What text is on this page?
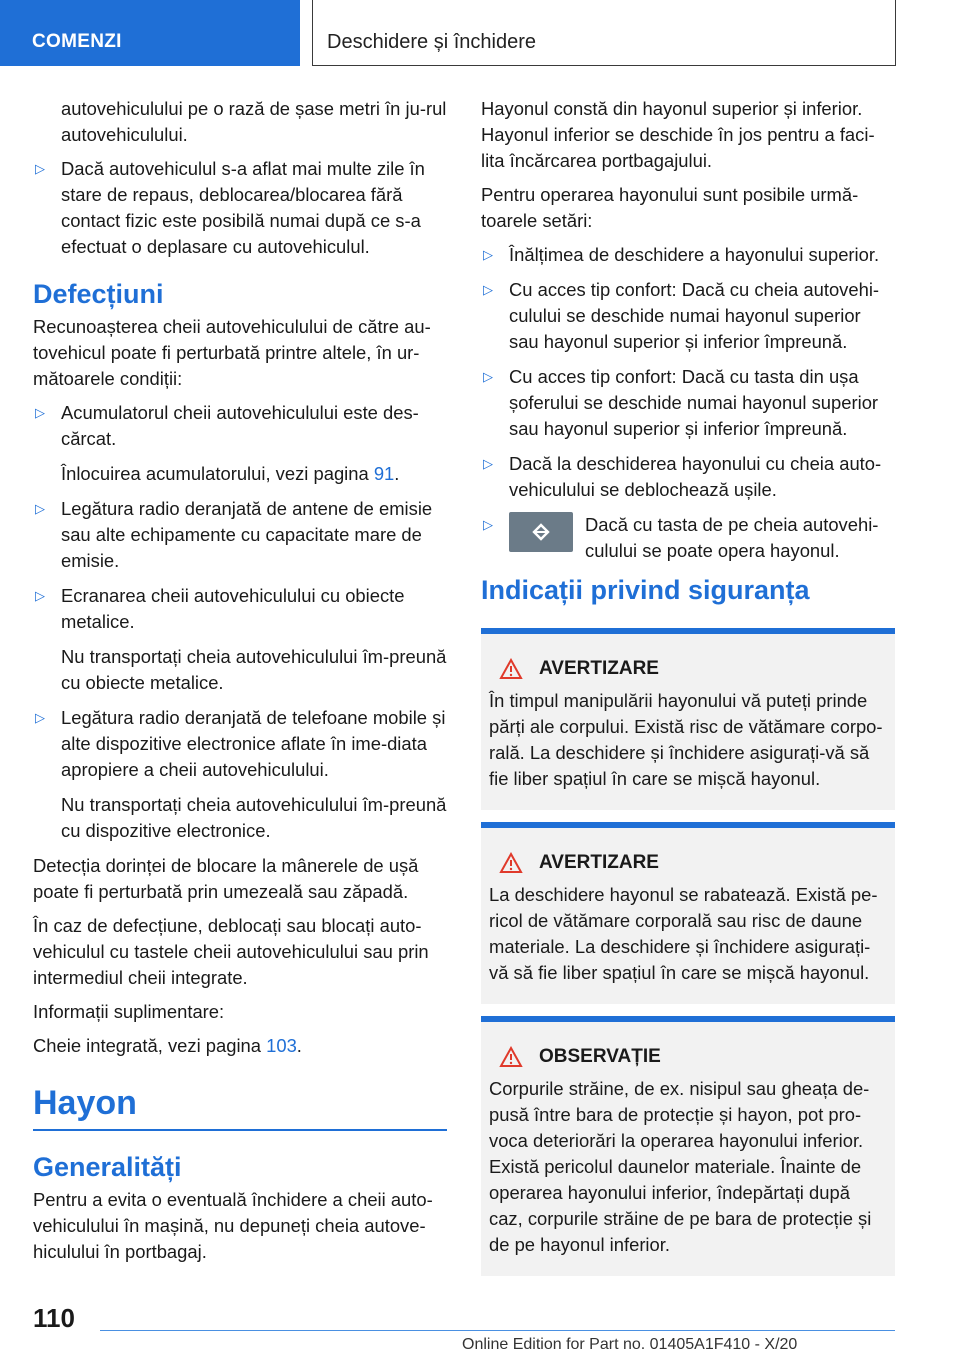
COMENZI	Deschidere și închidere
autovehiculului pe o rază de șase metri în ju-rul autovehiculului.
▷ Dacă autovehiculul s-a aflat mai multe zile în stare de repaus, deblocarea/blocarea fără contact fizic este posibilă numai după ce s-a efectuat o deplasare cu autovehiculul.
Defecțiuni

Recunoașterea cheii autovehiculului de către au-tovehicul poate fi perturbată printre altele, în ur-mătoarele condiții:

▷ Acumulatorul cheii autovehiculului este des-cărcat.
Înlocuirea acumulatorului, vezi pagina 91.
▷ Legătura radio deranjată de antene de emisie sau alte echipamente cu capacitate mare de emisie.
▷ Ecranarea cheii autovehiculului cu obiecte metalice.
Nu transportați cheia autovehiculului îm-preună cu obiecte metalice.
▷ Legătura radio deranjată de telefoane mobile și alte dispozitive electronice aflate în ime-diata apropiere a cheii autovehiculului.
Nu transportați cheia autovehiculului îm-preună cu dispozitive electronice.

Detecția dorinței de blocare la mânerele de ușă poate fi perturbată prin umezeală sau zăpadă.

În caz de defecțiune, deblocați sau blocați auto-vehiculul cu tastele cheii autovehiculului sau prin intermediul cheii integrate.

Informații suplimentare:

Cheie integrată, vezi pagina 103.

Hayon
Generalități

Pentru a evita o eventuală închidere a cheii auto-vehiculului în mașină, nu depuneți cheia autove-hiculului în portbagaj.

Hayonul constă din hayonul superior și inferior. Hayonul inferior se deschide în jos pentru a faci-lita încărcarea portbagajului.

Pentru operarea hayonului sunt posibile urmă-toarele setări:

▷ Înălțimea de deschidere a hayonului superior.
▷ Cu acces tip confort: Dacă cu cheia autovehi-culului se deschide numai hayonul superior sau hayonul superior și inferior împreună.
▷ Cu acces tip confort: Dacă cu tasta din ușa șoferului se deschide numai hayonul superior sau hayonul superior și inferior împreună.
▷ Dacă la deschiderea hayonului cu cheia auto-vehiculului se deblochează ușile.
▷	Dacă cu tasta de pe cheia autovehi-culului se poate opera hayonul.
Indicații privind siguranța
AVERTIZARE
În timpul manipulării hayonului vă puteți prinde părți ale corpului. Există risc de vătămare corpo-rală. La deschidere și închidere asigurați-vă să fie liber spațiul în care se mișcă hayonul.
AVERTIZARE
La deschidere hayonul se rabatează. Există pe-ricol de vătămare corporală sau risc de daune materiale. La deschidere și închidere asigurați-vă să fie liber spațiul în care se mișcă hayonul.
OBSERVAȚIE
Corpurile străine, de ex. nisipul sau gheața de-pusă între bara de protecție și hayon, pot pro-voca deteriorări la operarea hayonului inferior. Există pericolul daunelor materiale. Înainte de operarea hayonului inferior, îndepărtați după caz, corpurile străine de pe bara de protecție și de pe hayonul inferior.
110
Online Edition for Part no. 01405A1F410 - X/20
